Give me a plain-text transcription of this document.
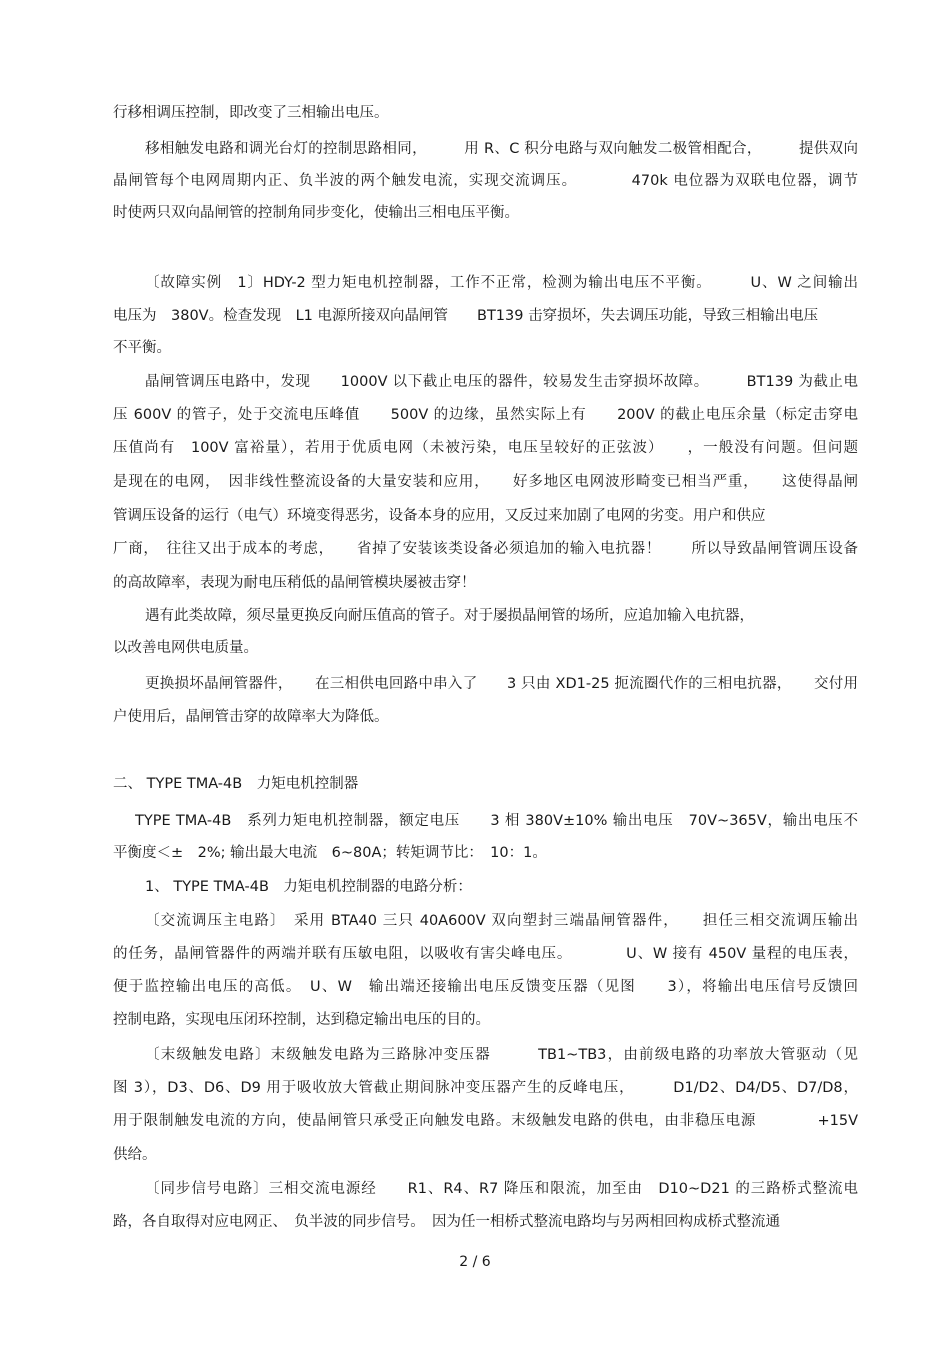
行移相调压控制，即改变了三相输出电压。
移相触发电路和调光台灯的控制思路相同，　　　用 R、C 积分电路与双向触发二极管相配合，　　　提供双向
晶闸管每个电网周期内正、负半波的两个触发电流，实现交流调压。　　　　470k 电位器为双联电位器，调节
时使两只双向晶闸管的控制角同步变化，使输出三相电压平衡。
〔故障实例　1〕HDY-2 型力矩电机控制器，工作不正常，检测为输出电压不平衡。　　　U、W 之间输出
电压为　380V。检查发现　L1 电源所接双向晶闸管　　BT139 击穿损坏，失去调压功能，导致三相输出电压
不平衡。
晶闸管调压电路中，发现　　1000V 以下截止电压的器件，较易发生击穿损坏故障。　　　BT139 为截止电
压 600V 的管子，处于交流电压峰值　　500V 的边缘，虽然实际上有　　200V 的截止电压余量（标定击穿电
压值尚有　100V 富裕量），若用于优质电网（未被污染，电压呈较好的正弦波）　　，一般没有问题。但问题
是现在的电网，　因非线性整流设备的大量安装和应用，　　好多地区电网波形畸变已相当严重，　　这使得晶闸
管调压设备的运行（电气）环境变得恶劣，设备本身的应用，又反过来加剧了电网的劣变。用户和供应
厂商，　往往又出于成本的考虑，　　省掉了安装该类设备必须追加的输入电抗器！　　所以导致晶闸管调压设备
的高故障率，表现为耐电压稍低的晶闸管模块屡被击穿！
遇有此类故障，须尽量更换反向耐压值高的管子。对于屡损晶闸管的场所，应追加输入电抗器，
以改善电网供电质量。
更换损坏晶闸管器件，　　在三相供电回路中串入了　　3 只由 XD1-25 扼流圈代作的三相电抗器，　　交付用
户使用后，晶闸管击穿的故障率大为降低。
二、 TYPE TMA-4B　力矩电机控制器
TYPE TMA-4B　系列力矩电机控制器，额定电压　　3 相 380V±10% 输出电压　70V~365V，输出电压不
平衡度＜±　2%; 输出最大电流　6~80A；转矩调节比：　10：1。
1、 TYPE TMA-4B　力矩电机控制器的电路分析：
〔交流调压主电路〕　采用 BTA40 三只 40A600V 双向塑封三端晶闸管器件，　　担任三相交流调压输出
的任务，晶闸管器件的两端并联有压敏电阻，以吸收有害尖峰电压。　　　　U、W 接有 450V 量程的电压表，
便于监控输出电压的高低。　U、W　输出端还接输出电压反馈变压器（见图　　3），将输出电压信号反馈回
控制电路，实现电压闭环控制，达到稳定输出电压的目的。
〔末级触发电路〕末级触发电路为三路脉冲变压器　　　TB1~TB3，由前级电路的功率放大管驱动（见
图 3），D3、D6、D9 用于吸收放大管截止期间脉冲变压器产生的反峰电压，　　　D1/D2、D4/D5、D7/D8，
用于限制触发电流的方向，使晶闸管只承受正向触发电路。末级触发电路的供电，由非稳压电源　　　　+15V
供给。
〔同步信号电路〕三相交流电源经　　R1、R4、R7 降压和限流，加至由　D10~D21 的三路桥式整流电
路，各自取得对应电网正、　负半波的同步信号。　因为任一相桥式整流电路均与另两相回构成桥式整流通
2 / 6
